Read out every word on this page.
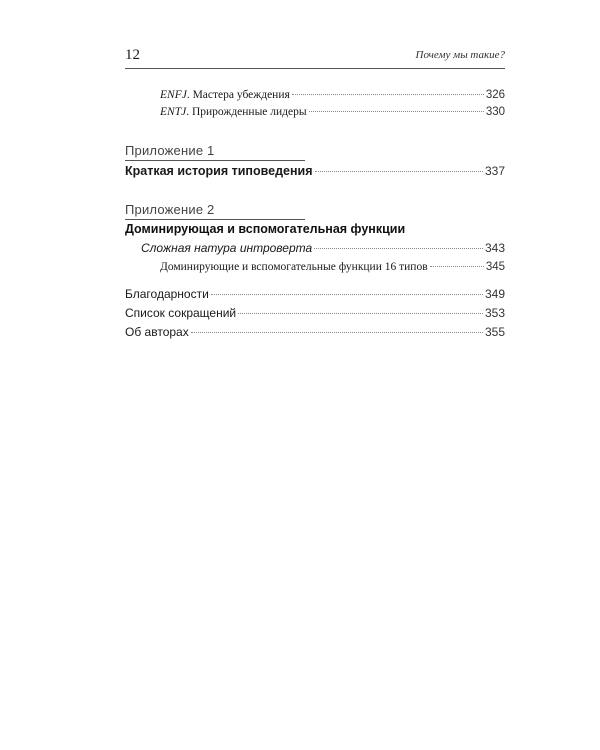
12	Почему мы такие?
ENFJ. Мастера убеждения	326
ENTJ. Прирожденные лидеры	330
Приложение 1
Краткая история типоведения	337
Приложение 2
Доминирующая и вспомогательная функции
Сложная натура интроверта	343
Доминирующие и вспомогательные функции 16 типов	345
Благодарности	349
Список сокращений	353
Об авторах	355
